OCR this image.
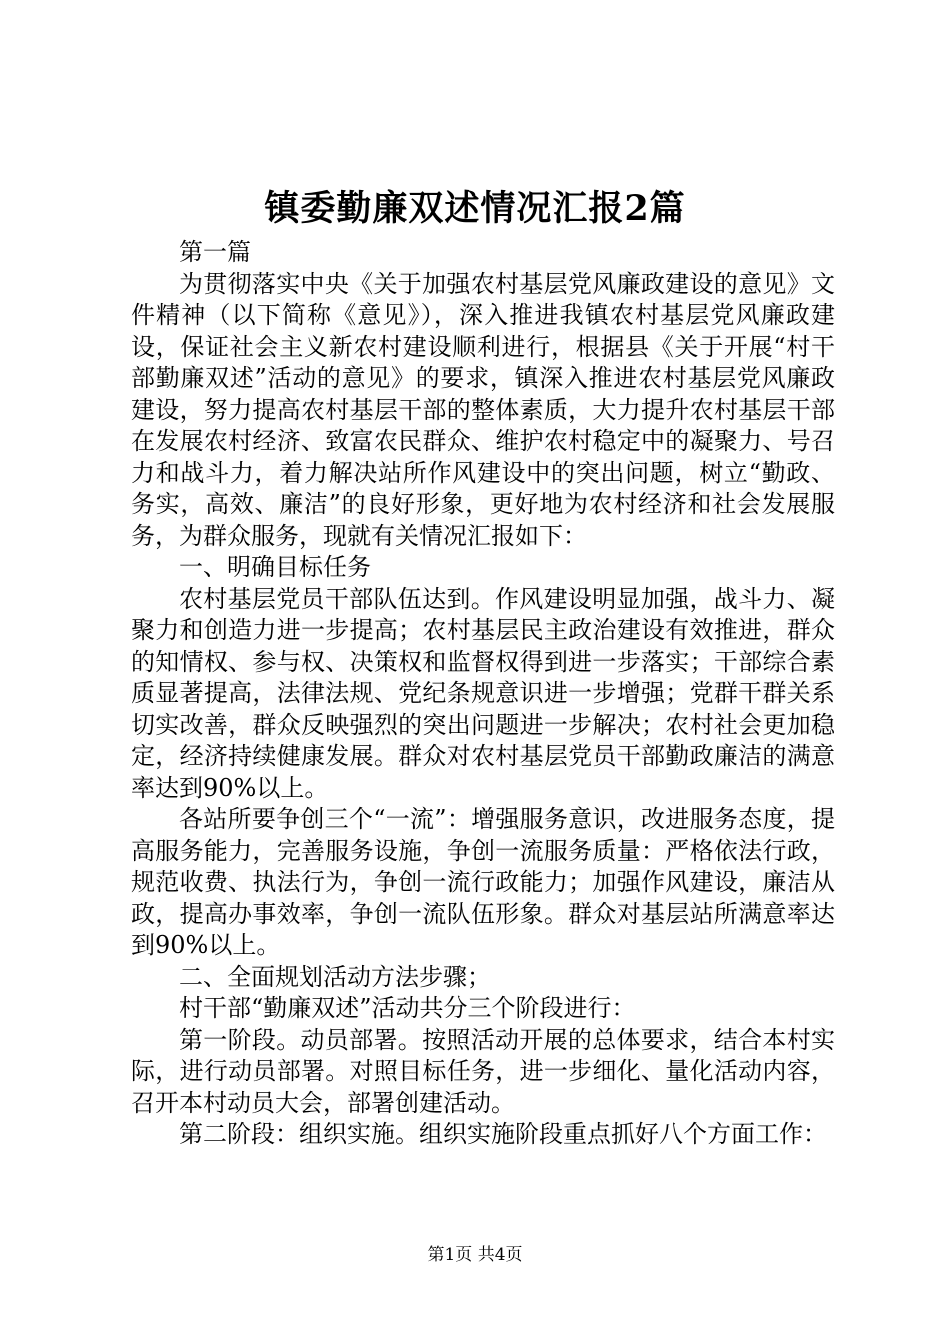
镇委勤廉双述情况汇报2篇

第一篇

为贯彻落实中央《关于加强农村基层党风廉政建设的意见》文件精神（以下简称《意见》），深入推进我镇农村基层党风廉政建设，保证社会主义新农村建设顺利进行，根据县《关于开展“村干部勤廉双述”活动的意见》的要求，镇深入推进农村基层党风廉政建设，努力提高农村基层干部的整体素质，大力提升农村基层干部在发展农村经济、致富农民群众、维护农村稳定中的凝聚力、号召力和战斗力，着力解决站所作风建设中的突出问题，树立“勤政、务实，高效、廉洁”的良好形象，更好地为农村经济和社会发展服务，为群众服务，现就有关情况汇报如下：

一、明确目标任务

农村基层党员干部队伍达到。作风建设明显加强，战斗力、凝聚力和创造力进一步提高；农村基层民主政治建设有效推进，群众的知情权、参与权、决策权和监督权得到进一步落实；干部综合素质显著提高，法律法规、党纪条规意识进一步增强；党群干群关系切实改善，群众反映强烈的突出问题进一步解决；农村社会更加稳定，经济持续健康发展。群众对农村基层党员干部勤政廉洁的满意率达到90%以上。

各站所要争创三个“一流”：增强服务意识，改进服务态度，提高服务能力，完善服务设施，争创一流服务质量：严格依法行政，规范收费、执法行为，争创一流行政能力；加强作风建设，廉洁从政，提高办事效率，争创一流队伍形象。群众对基层站所满意率达到90%以上。

二、全面规划活动方法步骤；

村干部“勤廉双述”活动共分三个阶段进行：

第一阶段。动员部署。按照活动开展的总体要求，结合本村实际，进行动员部署。对照目标任务，进一步细化、量化活动内容，召开本村动员大会，部署创建活动。

第二阶段：组织实施。组织实施阶段重点抓好八个方面工作：

第1页 共4页
